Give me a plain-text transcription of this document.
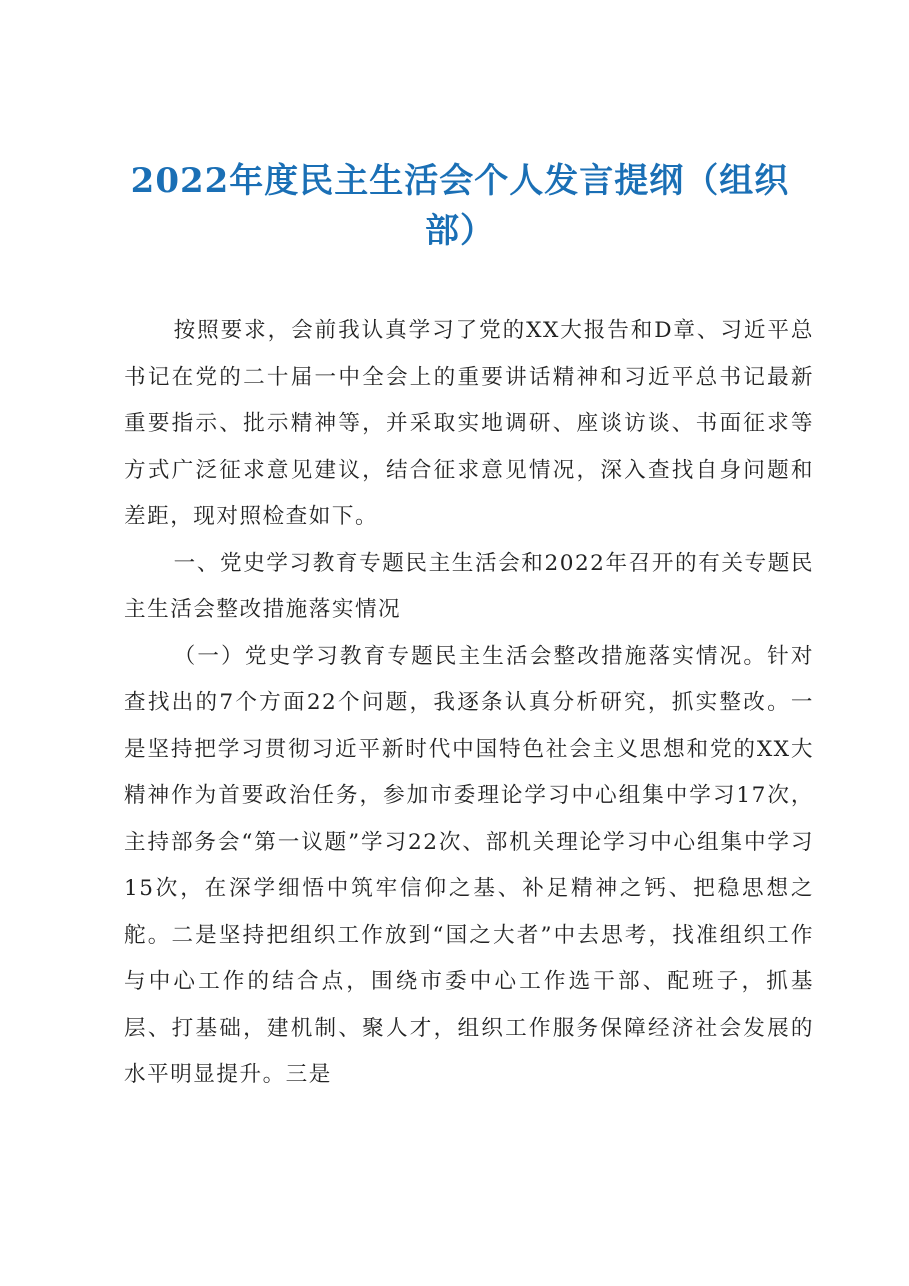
2022年度民主生活会个人发言提纲（组织部）

按照要求，会前我认真学习了党的XX大报告和D章、习近平总书记在党的二十届一中全会上的重要讲话精神和习近平总书记最新重要指示、批示精神等，并采取实地调研、座谈访谈、书面征求等方式广泛征求意见建议，结合征求意见情况，深入查找自身问题和差距，现对照检查如下。

一、党史学习教育专题民主生活会和2022年召开的有关专题民主生活会整改措施落实情况

（一）党史学习教育专题民主生活会整改措施落实情况。针对查找出的7个方面22个问题，我逐条认真分析研究，抓实整改。一是坚持把学习贯彻习近平新时代中国特色社会主义思想和党的XX大精神作为首要政治任务，参加市委理论学习中心组集中学习17次，主持部务会“第一议题”学习22次、部机关理论学习中心组集中学习15次，在深学细悟中筑牢信仰之基、补足精神之钙、把稳思想之舵。二是坚持把组织工作放到“国之大者”中去思考，找准组织工作与中心工作的结合点，围绕市委中心工作选干部、配班子，抓基层、打基础，建机制、聚人才，组织工作服务保障经济社会发展的水平明显提升。三是
